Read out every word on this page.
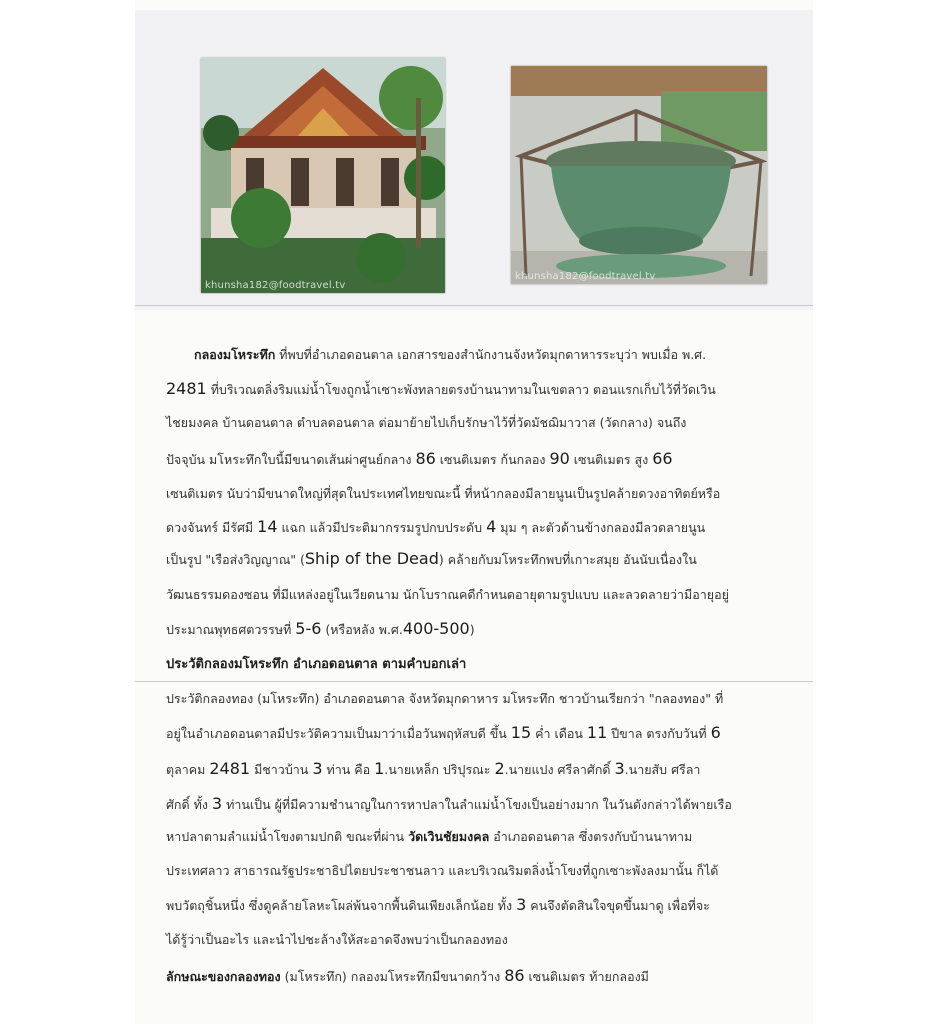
khunsha182@foodtravel.tv
khunsha182@foodtravel.tv
กลองมโหระทึก ที่พบที่อำเภอดอนตาล เอกสารของสำนักงานจังหวัดมุกดาหารระบุว่า พบเมื่อ พ.ศ.
2481 ที่บริเวณตลิ่งริมแม่น้ำโขงถูกน้ำเซาะพังทลายตรงบ้านนาทามในเขตลาว ตอนแรกเก็บไว้ที่วัดเวิน
ไชยมงคล บ้านดอนตาล ตำบลดอนตาล ต่อมาย้ายไปเก็บรักษาไว้ที่วัดมัชฌิมาวาส (วัดกลาง) จนถึง
ปัจจุบัน มโหระทึกใบนี้มีขนาดเส้นผ่าศูนย์กลาง 86 เซนติเมตร ก้นกลอง 90 เซนติเมตร สูง 66
เซนติเมตร นับว่ามีขนาดใหญ่ที่สุดในประเทศไทยขณะนี้ ที่หน้ากลองมีลายนูนเป็นรูปคล้ายดวงอาทิตย์หรือ
ดวงจันทร์ มีรัศมี 14 แฉก แล้วมีประติมากรรมรูปกบประดับ 4 มุม ๆ ละตัวด้านข้างกลองมีลวดลายนูน
เป็นรูป "เรือส่งวิญญาณ" (Ship of the Dead) คล้ายกับมโหระทึกพบที่เกาะสมุย อันนับเนื่องใน
วัฒนธรรมดองซอน ที่มีแหล่งอยู่ในเวียดนาม นักโบราณคดีกำหนดอายุตามรูปแบบ และลวดลายว่ามีอายุอยู่
ประมาณพุทธศตวรรษที่ 5-6 (หรือหลัง พ.ศ.400-500)
ประวัติกลองมโหระทึก อำเภอดอนตาล ตามคำบอกเล่า
ประวัติกลองทอง (มโหระทึก) อำเภอดอนตาล จังหวัดมุกดาหาร มโหระทึก ชาวบ้านเรียกว่า "กลองทอง" ที่
อยู่ในอำเภอดอนตาลมีประวัติความเป็นมาว่าเมื่อวันพฤหัสบดี ขึ้น 15 ค่ำ เดือน 11 ปีขาล ตรงกับวันที่ 6
ตุลาคม 2481 มีชาวบ้าน 3 ท่าน คือ 1.นายเหล็ก ปริปุรณะ 2.นายแปง ศรีลาศักดิ์ 3.นายสับ ศรีลา
ศักดิ์ ทั้ง 3 ท่านเป็น ผู้ที่มีความชำนาญในการหาปลาในลำแม่น้ำโขงเป็นอย่างมาก ในวันดังกล่าวได้พายเรือ
หาปลาตามลำแม่น้ำโขงตามปกติ ขณะที่ผ่าน วัดเวินชัยมงคล อำเภอดอนตาล ซึ่งตรงกับบ้านนาทาม
ประเทศลาว สาธารณรัฐประชาธิปไตยประชาชนลาว และบริเวณริมตลิ่งน้ำโขงที่ถูกเซาะพังลงมานั้น ก็ได้
พบวัตถุชิ้นหนึ่ง ซึ่งดูคล้ายโลหะโผล่พ้นจากพื้นดินเพียงเล็กน้อย ทั้ง 3 คนจึงตัดสินใจขุดขึ้นมาดู เพื่อที่จะ
ได้รู้ว่าเป็นอะไร และนำไปชะล้างให้สะอาดจึงพบว่าเป็นกลองทอง
ลักษณะของกลองทอง (มโหระทึก) กลองมโหระทึกมีขนาดกว้าง 86 เซนติเมตร ท้ายกลองมี
